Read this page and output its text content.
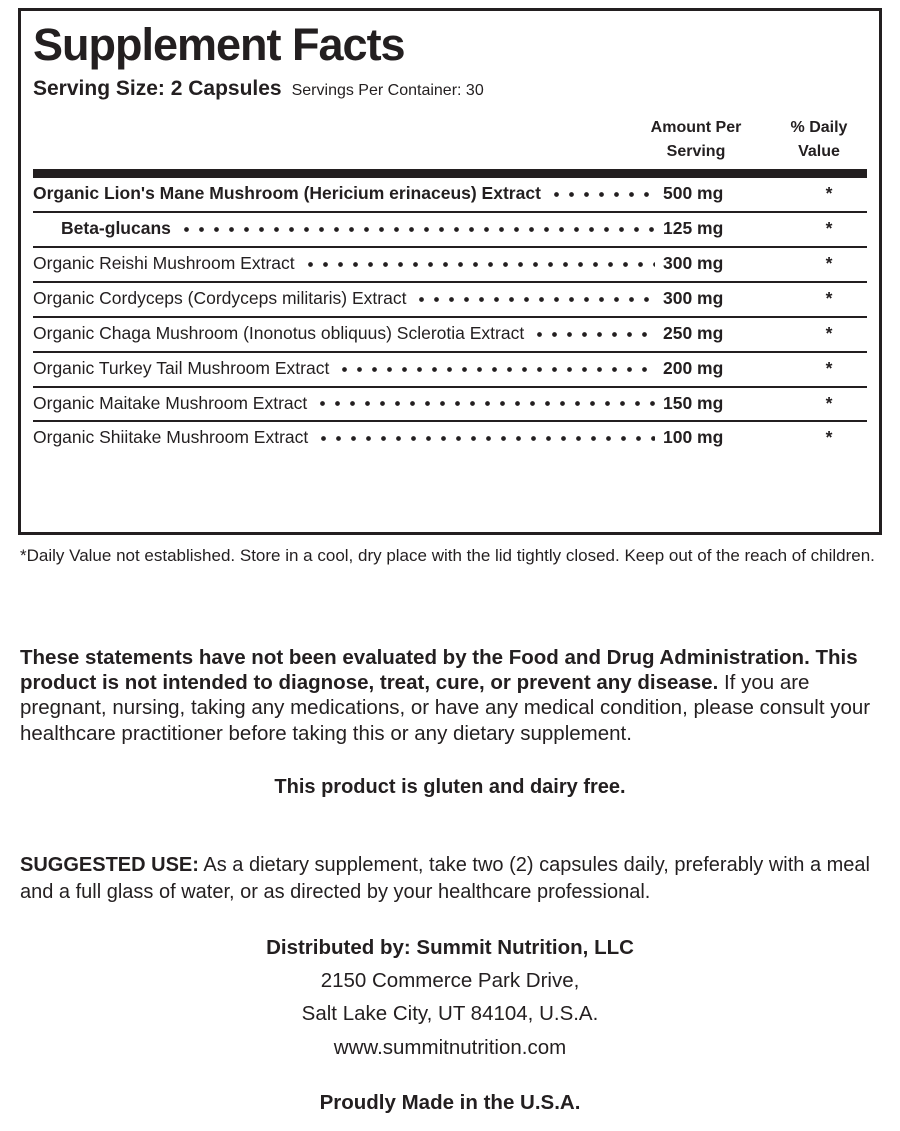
Supplement Facts
Serving Size: 2 Capsules Servings Per Container: 30
Amount Per
Serving
% Daily
Value
Organic Lion's Mane Mushroom (Hericium erinaceus) Extract	500 mg	*
Beta-glucans	125 mg	*
Organic Reishi Mushroom Extract	300 mg	*
Organic Cordyceps (Cordyceps militaris) Extract	300 mg	*
Organic Chaga Mushroom (Inonotus obliquus) Sclerotia Extract	250 mg	*
Organic Turkey Tail Mushroom Extract	200 mg	*
Organic Maitake Mushroom Extract	150 mg	*
Organic Shiitake Mushroom Extract	100 mg	*
*Daily Value not established. Store in a cool, dry place with the lid tightly closed. Keep out of the reach of children.

These statements have not been evaluated by the Food and Drug Administration. This product is not intended to diagnose, treat, cure, or prevent any disease. If you are pregnant, nursing, taking any medications, or have any medical condition, please consult your healthcare practitioner before taking this or any dietary supplement.

This product is gluten and dairy free.

SUGGESTED USE: As a dietary supplement, take two (2) capsules daily, preferably with a meal and a full glass of water, or as directed by your healthcare professional.

Distributed by: Summit Nutrition, LLC
2150 Commerce Park Drive,
Salt Lake City, UT 84104, U.S.A.
www.summitnutrition.com
Proudly Made in the U.S.A.
